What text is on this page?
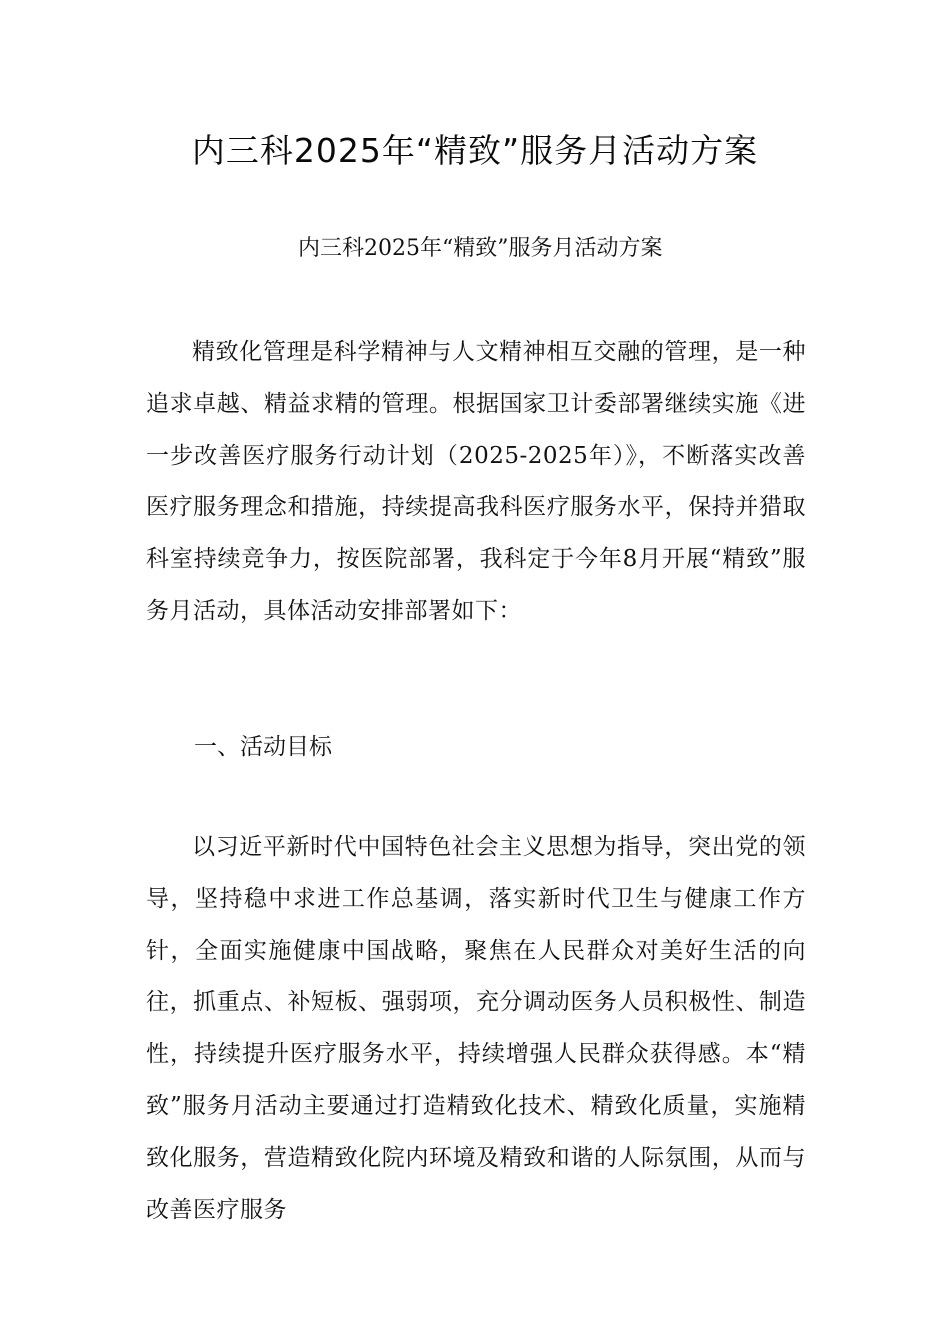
内三科2025年“精致”服务月活动方案
内三科2025年“精致”服务月活动方案

精致化管理是科学精神与人文精神相互交融的管理，是一种追求卓越、精益求精的管理。根据国家卫计委部署继续实施《进一步改善医疗服务行动计划（2025-2025年）》，不断落实改善医疗服务理念和措施，持续提高我科医疗服务水平，保持并猎取科室持续竞争力，按医院部署，我科定于今年8月开展“精致”服务月活动，具体活动安排部署如下：

一、活动目标

以习近平新时代中国特色社会主义思想为指导，突出党的领导，坚持稳中求进工作总基调，落实新时代卫生与健康工作方针，全面实施健康中国战略，聚焦在人民群众对美好生活的向往，抓重点、补短板、强弱项，充分调动医务人员积极性、制造性，持续提升医疗服务水平，持续增强人民群众获得感。本“精致”服务月活动主要通过打造精致化技术、精致化质量，实施精致化服务，营造精致化院内环境及精致和谐的人际氛围，从而与改善医疗服务
